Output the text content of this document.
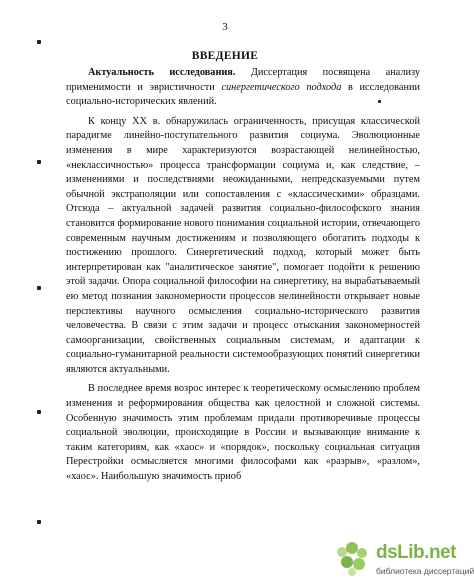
3
ВВЕДЕНИЕ

Актуальность исследования. Диссертация посвящена анализу применимости и эвристичности синергетического подхода в исследовании социально-исторических явлений.

К концу XX в. обнаружилась ограниченность, присущая классической парадигме линейно-поступательного развития социума. Эволюционные изменения в мире характеризуются возрастающей нелинейностью, «неклассичностью» процесса трансформации социума и, как следствие, – изменениями и последствиями неожиданными, непредсказуемыми путем обычной экстраполяции или сопоставления с «классическими» образцами. Отсюда – актуальной задачей развития социально-философского знания становится формирование нового понимания социальной истории, отвечающего современным научным достижениям и позволяющего обогатить подходы к постижению прошлого. Синергетический подход, который может быть интерпретирован как "аналитическое занятие", помогает подойти к решению этой задачи. Опора социальной философии на синергетику, на вырабатываемый ею метод познания закономерности процессов нелинейности открывает новые перспективы научного осмысления социально-исторического развития человечества. В связи с этим задачи и процесс отыскания закономерностей самоорганизации, свойственных социальным системам, и адаптации к социально-гуманитарной реальности системообразующих понятий синергетики являются актуальными.

В последнее время возрос интерес к теоретическому осмыслению проблем изменения и реформирования общества как целостной и сложной системы. Особенную значимость этим проблемам придали противоречивые процессы социальной эволюции, происходящие в России и вызывающие внимание к таким категориям, как «хаос» и «порядок», поскольку социальная ситуация Перестройки осмысляется многими философами как «разрыв», «разлом», «хаос». Наибольшую значимость приоб

dsLib.net
библиотека диссертаций
